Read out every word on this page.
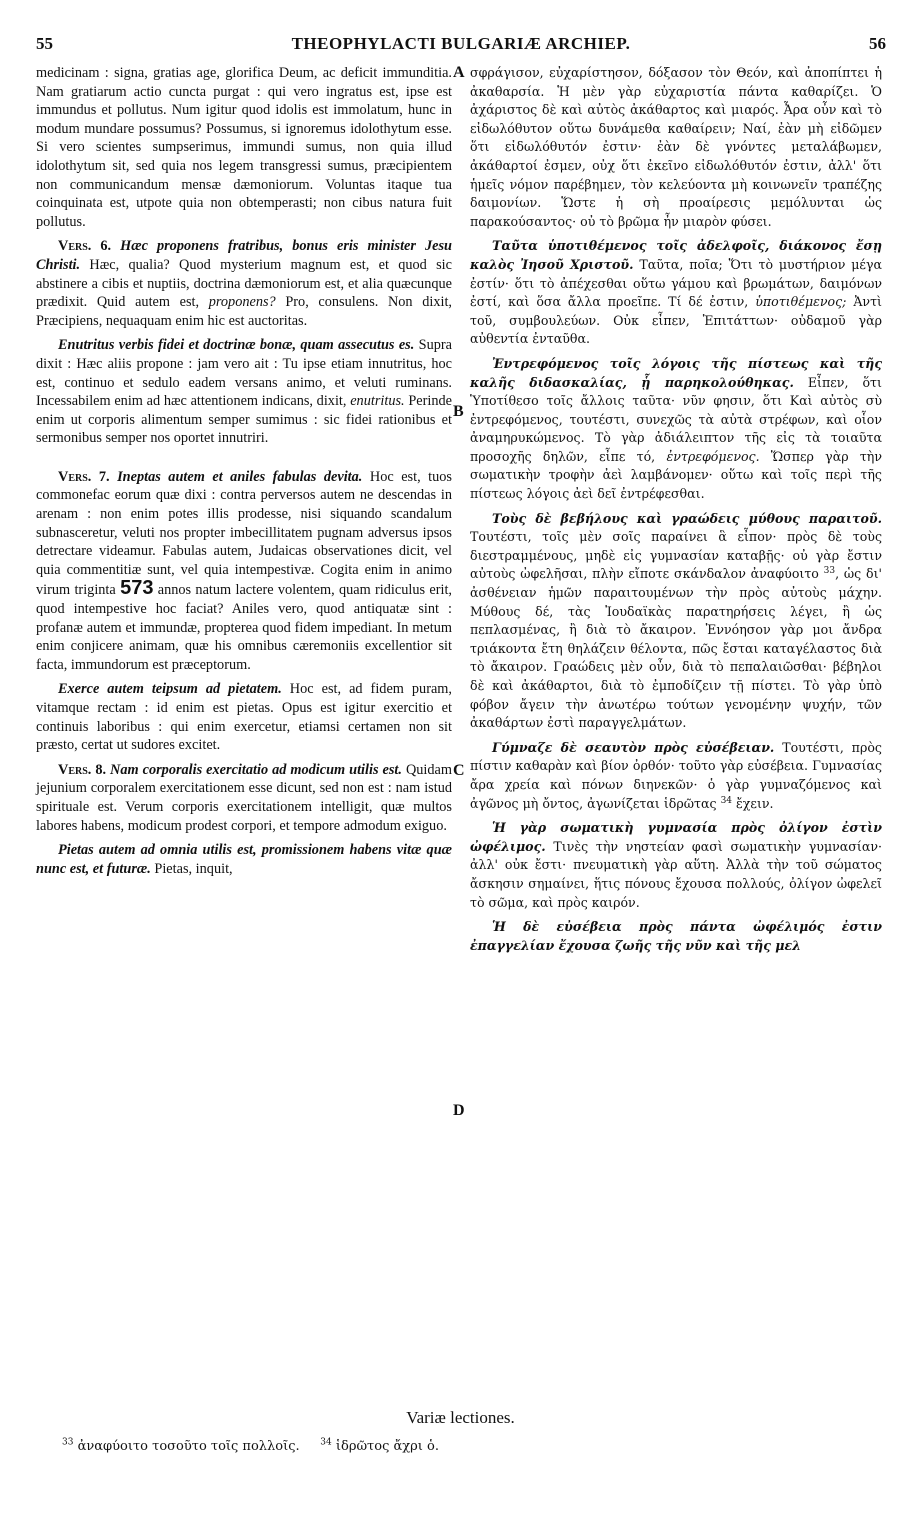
55	THEOPHYLACTI BULGARIÆ ARCHIEP.	56
A
B
C
D

medicinam : signa, gratias age, glorifica Deum, ac deficit immunditia. Nam gratiarum actio cuncta purgat : qui vero ingratus est, ipse est immundus et pollutus. Num igitur quod idolis est immolatum, hunc in modum mundare possumus? Possumus, si ignoremus idolothytum esse. Si vero scientes sumpserimus, immundi sumus, non quia illud idolothytum sit, sed quia nos legem transgressi sumus, præcipientem non communicandum mensæ dæmoniorum. Voluntas itaque tua coinquinata est, utpote quia non obtemperasti; non cibus natura fuit pollutus.

Vers. 6. Hæc proponens fratribus, bonus eris minister Jesu Christi. Hæc, qualia? Quod mysterium magnum est, et quod sic abstinere a cibis et nuptiis, doctrina dæmoniorum est, et alia quæcunque prædixit. Quid autem est, proponens? Pro, consulens. Non dixit, Præcipiens, nequaquam enim hic est auctoritas.

Enutritus verbis fidei et doctrinæ bonæ, quam assecutus es. Supra dixit : Hæc aliis propone : jam vero ait : Tu ipse etiam innutritus, hoc est, continuo et sedulo eadem versans animo, et veluti ruminans. Incessabilem enim ad hæc attentionem indicans, dixit, enutritus. Perinde enim ut corporis alimentum semper sumimus : sic fidei rationibus et sermonibus semper nos oportet innutriri.

Vers. 7. Ineptas autem et aniles fabulas devita. Hoc est, tuos commonefac eorum quæ dixi : contra perversos autem ne descendas in arenam : non enim potes illis prodesse, nisi siquando scandalum subnasceretur, veluti nos propter imbecillitatem pugnam adversus ipsos detrectare videamur. Fabulas autem, Judaicas observationes dicit, vel quia commentitiæ sunt, vel quia intempestivæ. Cogita enim in animo virum triginta 573 annos natum lactere volentem, quam ridiculus erit, quod intempestive hoc faciat? Aniles vero, quod antiquatæ sint : profanæ autem et immundæ, propterea quod fidem impediant. In metum enim conjicere animam, quæ his omnibus cæremoniis excellentior sit facta, immundorum est præceptorum.

Exerce autem teipsum ad pietatem. Hoc est, ad fidem puram, vitamque rectam : id enim est pietas. Opus est igitur exercitio et continuis laboribus : qui enim exercetur, etiamsi certamen non sit præsto, certat ut sudores excitet.

Vers. 8. Nam corporalis exercitatio ad modicum utilis est. Quidam jejunium corporalem exercitationem esse dicunt, sed non est : nam istud spirituale est. Verum corporis exercitationem intelligit, quæ multos labores habens, modicum prodest corpori, et tempore admodum exiguo.

Pietas autem ad omnia utilis est, promissionem habens vitæ quæ nunc est, et futuræ. Pietas, inquit,

σφράγισον, εὐχαρίστησον, δόξασον τὸν Θεόν, καὶ ἀποπίπτει ἡ ἀκαθαρσία. Ἡ μὲν γὰρ εὐχαριστία πάντα καθαρίζει. Ὁ ἀχάριστος δὲ καὶ αὐτὸς ἀκάθαρτος καὶ μιαρός. Ἆρα οὖν καὶ τὸ εἰδωλόθυτον οὕτω δυνάμεθα καθαίρειν; Ναί, ἐὰν μὴ εἰδῶμεν ὅτι εἰδωλόθυτόν ἐστιν· ἐὰν δὲ γνόντες μεταλάβωμεν, ἀκάθαρτοί ἐσμεν, οὐχ ὅτι ἐκεῖνο εἰδωλόθυτόν ἐστιν, ἀλλ' ὅτι ἡμεῖς νόμον παρέβημεν, τὸν κελεύοντα μὴ κοινωνεῖν τραπέζης δαιμονίων. Ὥστε ἡ σὴ προαίρεσις μεμόλυνται ὡς παρακούσαντος· οὐ τὸ βρῶμα ἦν μιαρὸν φύσει.

Ταῦτα ὑποτιθέμενος τοῖς ἀδελφοῖς, διάκονος ἔσῃ καλὸς Ἰησοῦ Χριστοῦ. Ταῦτα, ποῖα; Ὅτι τὸ μυστήριον μέγα ἐστίν· ὅτι τὸ ἀπέχεσθαι οὕτω γάμου καὶ βρωμάτων, δαιμόνων ἐστί, καὶ ὅσα ἄλλα προεῖπε. Τί δέ ἐστιν, ὑποτιθέμενος; Ἀντὶ τοῦ, συμβουλεύων. Οὐκ εἶπεν, Ἐπιτάττων· οὐδαμοῦ γὰρ αὐθεντία ἐνταῦθα.

Ἐντρεφόμενος τοῖς λόγοις τῆς πίστεως καὶ τῆς καλῆς διδασκαλίας, ᾗ παρηκολούθηκας. Εἶπεν, ὅτι Ὑποτίθεσο τοῖς ἄλλοις ταῦτα· νῦν φησιν, ὅτι Καὶ αὐτὸς σὺ ἐντρεφόμενος, τουτέστι, συνεχῶς τὰ αὐτὰ στρέφων, καὶ οἷον ἀναμηρυκώμενος. Τὸ γὰρ ἀδιάλειπτον τῆς εἰς τὰ τοιαῦτα προσοχῆς δηλῶν, εἶπε τό, ἐντρεφόμενος. Ὥσπερ γὰρ τὴν σωματικὴν τροφὴν ἀεὶ λαμβάνομεν· οὕτω καὶ τοῖς περὶ τῆς πίστεως λόγοις ἀεὶ δεῖ ἐντρέφεσθαι.

Τοὺς δὲ βεβήλους καὶ γραώδεις μύθους παραιτοῦ. Τουτέστι, τοῖς μὲν σοῖς παραίνει ἃ εἶπον· πρὸς δὲ τοὺς διεστραμμένους, μηδὲ εἰς γυμνασίαν καταβῇς· οὐ γὰρ ἔστιν αὐτοὺς ὠφελῆσαι, πλὴν εἴποτε σκάνδαλον ἀναφύοιτο $^{33}$, ὡς δι' ἀσθένειαν ἡμῶν παραιτουμένων τὴν πρὸς αὐτοὺς μάχην. Μύθους δέ, τὰς Ἰουδαϊκὰς παρατηρήσεις λέγει, ἢ ὡς πεπλασμένας, ἢ διὰ τὸ ἄκαιρον. Ἐννόησον γὰρ μοι ἄνδρα τριάκοντα ἔτη θηλάζειν θέλοντα, πῶς ἔσται καταγέλαστος διὰ τὸ ἄκαιρον. Γραώδεις μὲν οὖν, διὰ τὸ πεπαλαιῶσθαι· βέβηλοι δὲ καὶ ἀκάθαρτοι, διὰ τὸ ἐμποδίζειν τῇ πίστει. Τὸ γὰρ ὑπὸ φόβον ἄγειν τὴν ἀνωτέρω τούτων γενομένην ψυχήν, τῶν ἀκαθάρτων ἐστὶ παραγγελμάτων.

Γύμναζε δὲ σεαυτὸν πρὸς εὐσέβειαν. Τουτέστι, πρὸς πίστιν καθαρὰν καὶ βίον ὀρθόν· τοῦτο γὰρ εὐσέβεια. Γυμνασίας ἄρα χρεία καὶ πόνων διηνεκῶν· ὁ γὰρ γυμναζόμενος καὶ ἀγῶνος μὴ ὄντος, ἀγωνίζεται ἱδρῶτας $^{34}$ ἔχειν.

Ἡ γὰρ σωματικὴ γυμνασία πρὸς ὀλίγον ἐστὶν ὠφέλιμος. Τινὲς τὴν νηστείαν φασὶ σωματικὴν γυμνασίαν· ἀλλ' οὐκ ἔστι· πνευματικὴ γὰρ αὕτη. Ἀλλὰ τὴν τοῦ σώματος ἄσκησιν σημαίνει, ἥτις πόνους ἔχουσα πολλούς, ὀλίγον ὠφελεῖ τὸ σῶμα, καὶ πρὸς καιρόν.

Ἡ δὲ εὐσέβεια πρὸς πάντα ὠφέλιμός ἐστιν ἐπαγγελίαν ἔχουσα ζωῆς τῆς νῦν καὶ τῆς μελ

Variæ lectiones.
$^{33}$ ἀναφύοιτο τοσοῦτο τοῖς πολλοῖς. $^{34}$ ἱδρῶτος ἄχρι ὁ.
